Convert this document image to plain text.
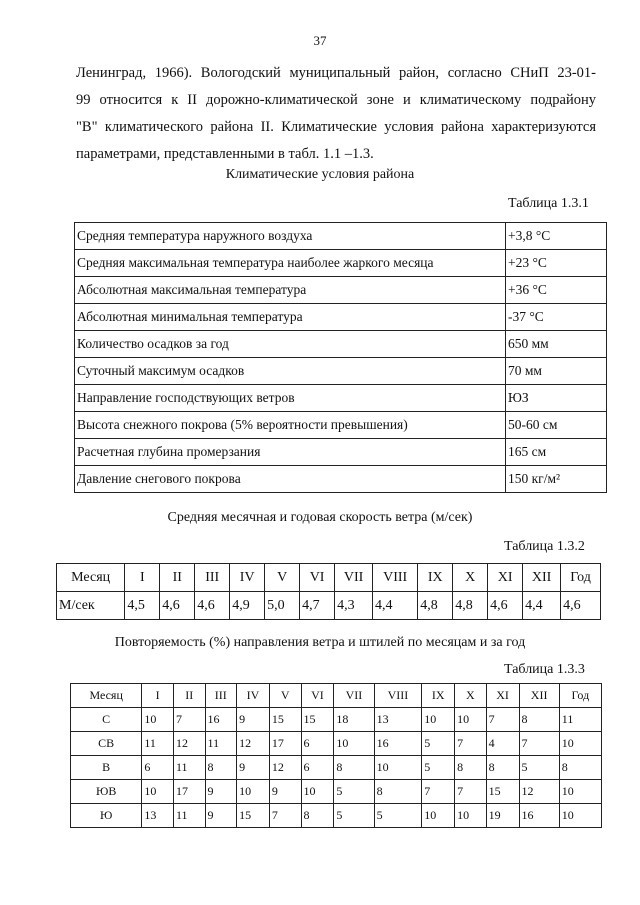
37
Ленинград, 1966). Вологодский муниципальный район, согласно СНиП 23-01-
99 относится к II дорожно-климатической зоне и климатическому подрайону
"В" климатического района II. Климатические условия района характеризуются
параметрами, представленными в табл. 1.1 –1.3.
Климатические условия района
Таблица 1.3.1
Средняя температура наружного воздуха	+3,8 °С
Средняя максимальная температура наиболее жаркого месяца	+23 °С
Абсолютная максимальная температура	+36 °С
Абсолютная минимальная температура	-37 °С
Количество осадков за год	650 мм
Суточный максимум осадков	70 мм
Направление господствующих ветров	ЮЗ
Высота снежного покрова (5% вероятности превышения)	50-60 см
Расчетная глубина промерзания	165 см
Давление снегового покрова	150 кг/м²
Средняя месячная и годовая скорость ветра (м/сек)
Таблица 1.3.2
Месяц	I	II	III	IV	V	VI	VII	VIII	IX	X	XI	XII	Год
М/сек	4,5	4,6	4,6	4,9	5,0	4,7	4,3	4,4	4,8	4,8	4,6	4,4	4,6
Повторяемость (%) направления ветра и штилей по месяцам и за год
Таблица 1.3.3
Месяц	I	II	III	IV	V	VI	VII	VIII	IX	X	XI	XII	Год
С	10	7	16	9	15	15	18	13	10	10	7	8	11
СВ	11	12	11	12	17	6	10	16	5	7	4	7	10
В	6	11	8	9	12	6	8	10	5	8	8	5	8
ЮВ	10	17	9	10	9	10	5	8	7	7	15	12	10
Ю	13	11	9	15	7	8	5	5	10	10	19	16	10
